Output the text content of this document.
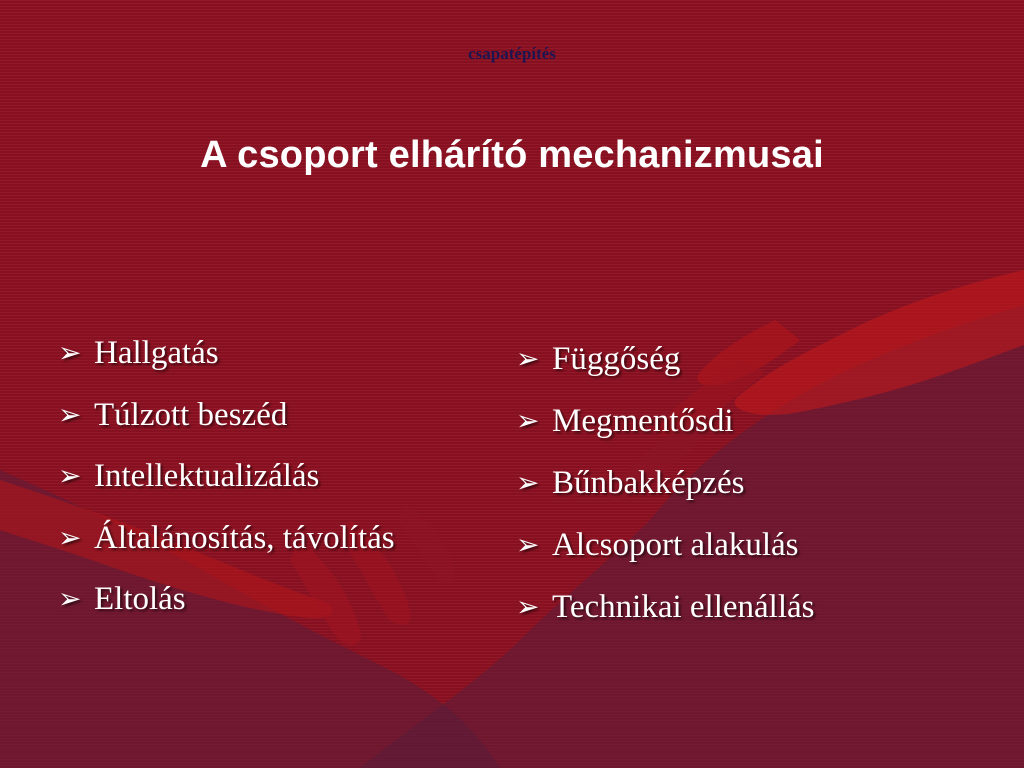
csapatépítés
A csoport elhárító mechanizmusai
➢ Hallgatás
➢ Túlzott beszéd
➢ Intellektualizálás
➢ Általánosítás, távolítás
➢ Eltolás
➢ Függőség
➢ Megmentősdi
➢ Bűnbakképzés
➢ Alcsoport alakulás
➢ Technikai ellenállás
